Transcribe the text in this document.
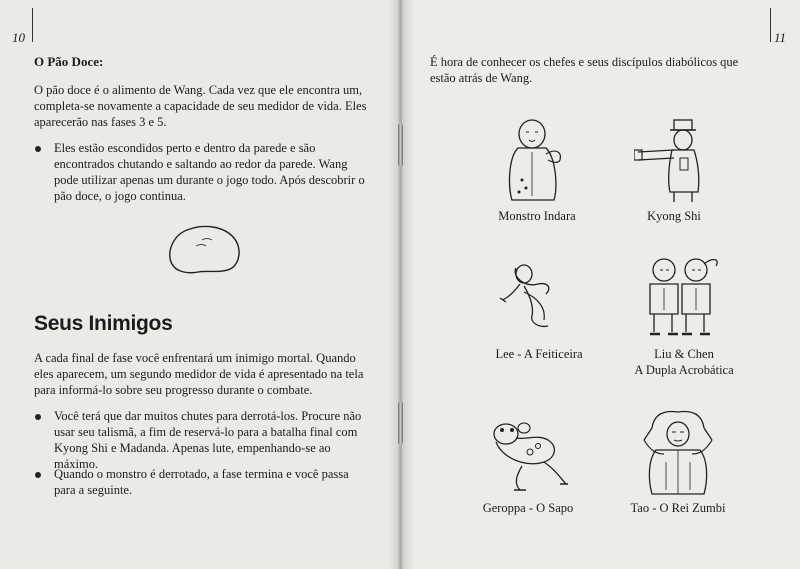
10
O Pão Doce:
O pão doce é o alimento de Wang. Cada vez que ele encontra um, completa-se novamente a capacidade de seu medidor de vida. Eles aparecerão nas fases 3 e 5.
Eles estão escondidos perto e dentro da parede e são encontrados chutando e saltando ao redor da parede. Wang pode utilizar apenas um durante o jogo todo. Após descobrir o pão doce, o jogo continua.
Seus Inimigos
A cada final de fase você enfrentará um inimigo mortal. Quando eles aparecem, um segundo medidor de vida é apresentado na tela para informá-lo sobre seu progresso durante o combate.
Você terá que dar muitos chutes para derrotá-los. Procure não usar seu talismã, a fim de reservá-lo para a batalha final com Kyong Shi e Madanda. Apenas lute, empenhando-se ao máximo.
Quando o monstro é derrotado, a fase termina e você passa para a seguinte.
11
É hora de conhecer os chefes e seus discípulos diabólicos que estão atrás de Wang.
Monstro Indara	Kyong Shi
Lee - A Feiticeira	Liu & Chen
A Dupla Acrobática
Geroppa - O Sapo	Tao - O Rei Zumbi
